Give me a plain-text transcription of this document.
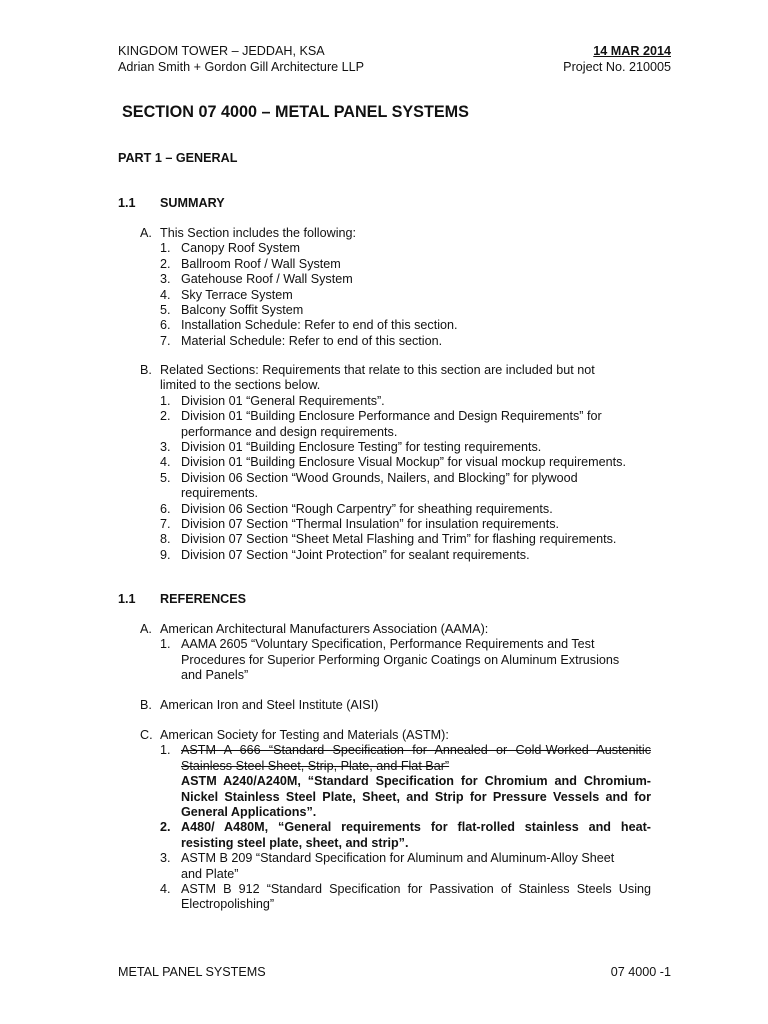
KINGDOM TOWER – JEDDAH, KSA
Adrian Smith + Gordon Gill Architecture LLP
14 MAR 2014
Project No. 210005
SECTION 07 4000 – METAL PANEL SYSTEMS
PART 1 – GENERAL
1.1 SUMMARY
A. This Section includes the following:
1. Canopy Roof System
2. Ballroom Roof / Wall System
3. Gatehouse Roof / Wall System
4. Sky Terrace System
5. Balcony Soffit System
6. Installation Schedule: Refer to end of this section.
7. Material Schedule: Refer to end of this section.
B. Related Sections: Requirements that relate to this section are included but not limited to the sections below.
1. Division 01 “General Requirements”.
2. Division 01 “Building Enclosure Performance and Design Requirements” for performance and design requirements.
3. Division 01 “Building Enclosure Testing” for testing requirements.
4. Division 01 “Building Enclosure Visual Mockup” for visual mockup requirements.
5. Division 06 Section “Wood Grounds, Nailers, and Blocking” for plywood requirements.
6. Division 06 Section “Rough Carpentry” for sheathing requirements.
7. Division 07 Section “Thermal Insulation” for insulation requirements.
8. Division 07 Section “Sheet Metal Flashing and Trim” for flashing requirements.
9. Division 07 Section “Joint Protection” for sealant requirements.
1.1 REFERENCES
A. American Architectural Manufacturers Association (AAMA):
1. AAMA 2605 “Voluntary Specification, Performance Requirements and Test Procedures for Superior Performing Organic Coatings on Aluminum Extrusions and Panels”
B. American Iron and Steel Institute (AISI)
C. American Society for Testing and Materials (ASTM):
1. ASTM A 666 “Standard Specification for Annealed or Cold-Worked Austenitic Stainless Steel Sheet, Strip, Plate, and Flat Bar”
ASTM A240/A240M, “Standard Specification for Chromium and Chromium-Nickel Stainless Steel Plate, Sheet, and Strip for Pressure Vessels and for General Applications”.
2. A480/ A480M, “General requirements for flat-rolled stainless and heat-resisting steel plate, sheet, and strip”.
3. ASTM B 209 “Standard Specification for Aluminum and Aluminum-Alloy Sheet and Plate”
4. ASTM B 912 “Standard Specification for Passivation of Stainless Steels Using Electropolishing”
METAL PANEL SYSTEMS	07 4000 -1
